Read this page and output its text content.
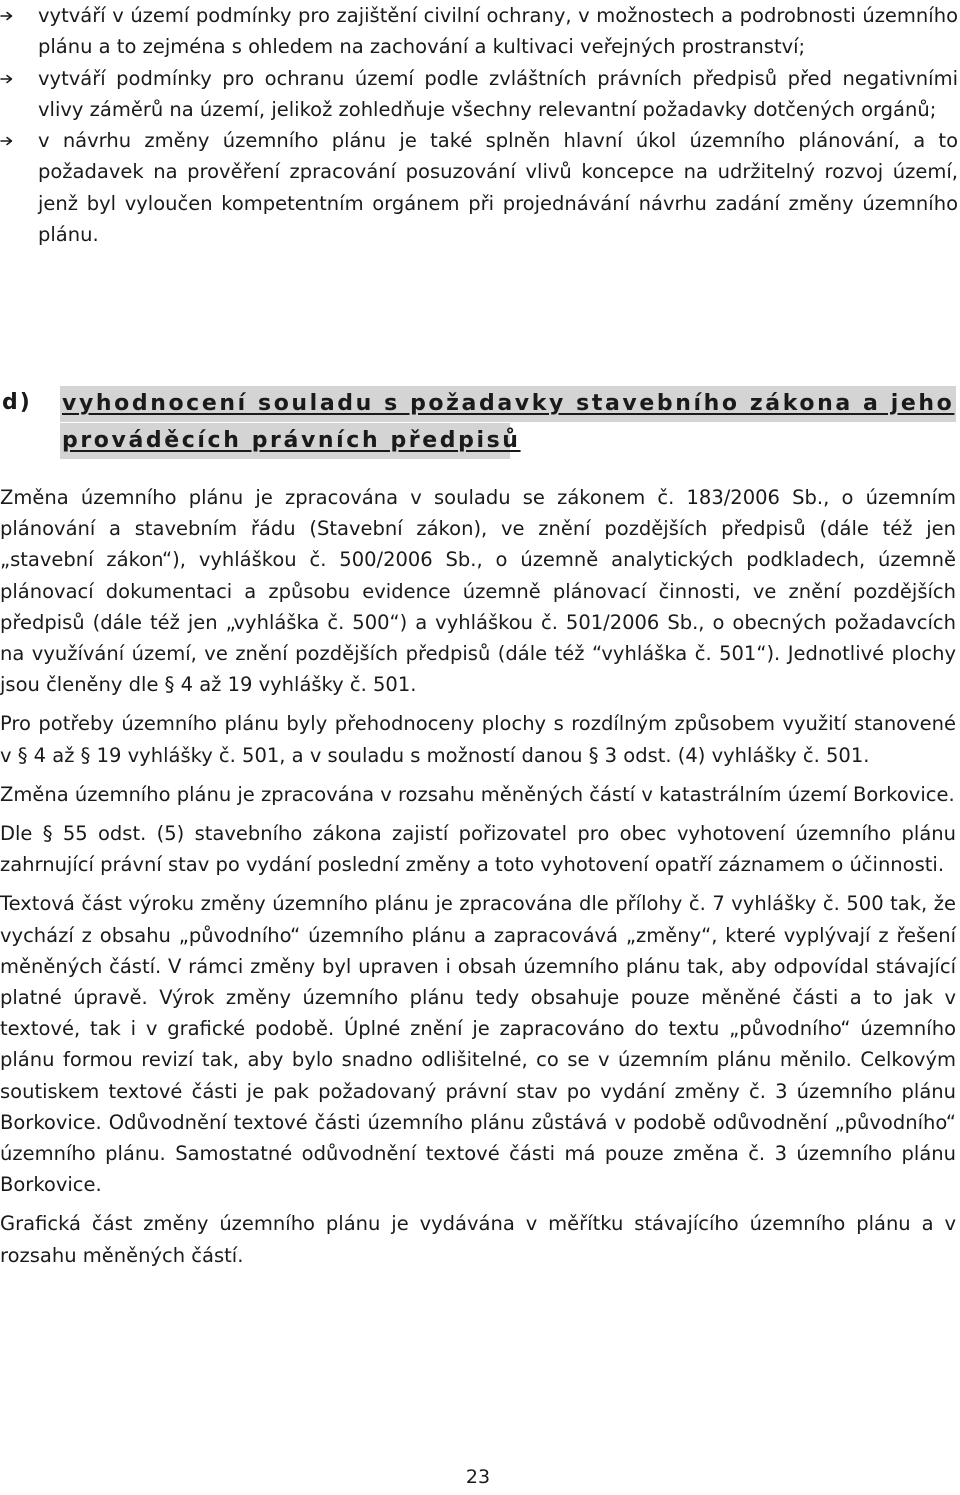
vytváří v území podmínky pro zajištění civilní ochrany, v možnostech a podrobnosti územního plánu a to zejména s ohledem na zachování a kultivaci veřejných prostranství;
vytváří podmínky pro ochranu území podle zvláštních právních předpisů před negativními vlivy záměrů na území, jelikož zohledňuje všechny relevantní požadavky dotčených orgánů;
v návrhu změny územního plánu je také splněn hlavní úkol územního plánování, a to požadavek na prověření zpracování posuzování vlivů koncepce na udržitelný rozvoj území, jenž byl vyloučen kompetentním orgánem při projednávání návrhu zadání změny územního plánu.
d) vyhodnocení souladu s požadavky stavebního zákona a jeho
prováděcích právních předpisů

Změna územního plánu je zpracována v souladu se zákonem č. 183/2006 Sb., o územním plánování a stavebním řádu (Stavební zákon), ve znění pozdějších předpisů (dále též jen „stavební zákon“), vyhláškou č. 500/2006 Sb., o územně analytických podkladech, územně plánovací dokumentaci a způsobu evidence územně plánovací činnosti, ve znění pozdějších předpisů (dále též jen „vyhláška č. 500“) a vyhláškou č. 501/2006 Sb., o obecných požadavcích na využívání území, ve znění pozdějších předpisů (dále též “vyhláška č. 501“). Jednotlivé plochy jsou členěny dle § 4 až 19 vyhlášky č. 501.

Pro potřeby územního plánu byly přehodnoceny plochy s rozdílným způsobem využití stanovené v § 4 až § 19 vyhlášky č. 501, a v souladu s možností danou § 3 odst. (4) vyhlášky č. 501.

Změna územního plánu je zpracována v rozsahu měněných částí v katastrálním území Borkovice.

Dle § 55 odst. (5) stavebního zákona zajistí pořizovatel pro obec vyhotovení územního plánu zahrnující právní stav po vydání poslední změny a toto vyhotovení opatří záznamem o účinnosti.

Textová část výroku změny územního plánu je zpracována dle přílohy č. 7 vyhlášky č. 500 tak, že vychází z obsahu „původního“ územního plánu a zapracovává „změny“, které vyplývají z řešení měněných částí. V rámci změny byl upraven i obsah územního plánu tak, aby odpovídal stávající platné úpravě. Výrok změny územního plánu tedy obsahuje pouze měněné části a to jak v textové, tak i v grafické podobě. Úplné znění je zapracováno do textu „původního“ územního plánu formou revizí tak, aby bylo snadno odlišitelné, co se v územním plánu měnilo. Celkovým soutiskem textové části je pak požadovaný právní stav po vydání změny č. 3 územního plánu Borkovice. Odůvodnění textové části územního plánu zůstává v podobě odůvodnění „původního“ územního plánu. Samostatné odůvodnění textové části má pouze změna č. 3 územního plánu Borkovice.

Grafická část změny územního plánu je vydávána v měřítku stávajícího územního plánu a v rozsahu měněných částí.

23
